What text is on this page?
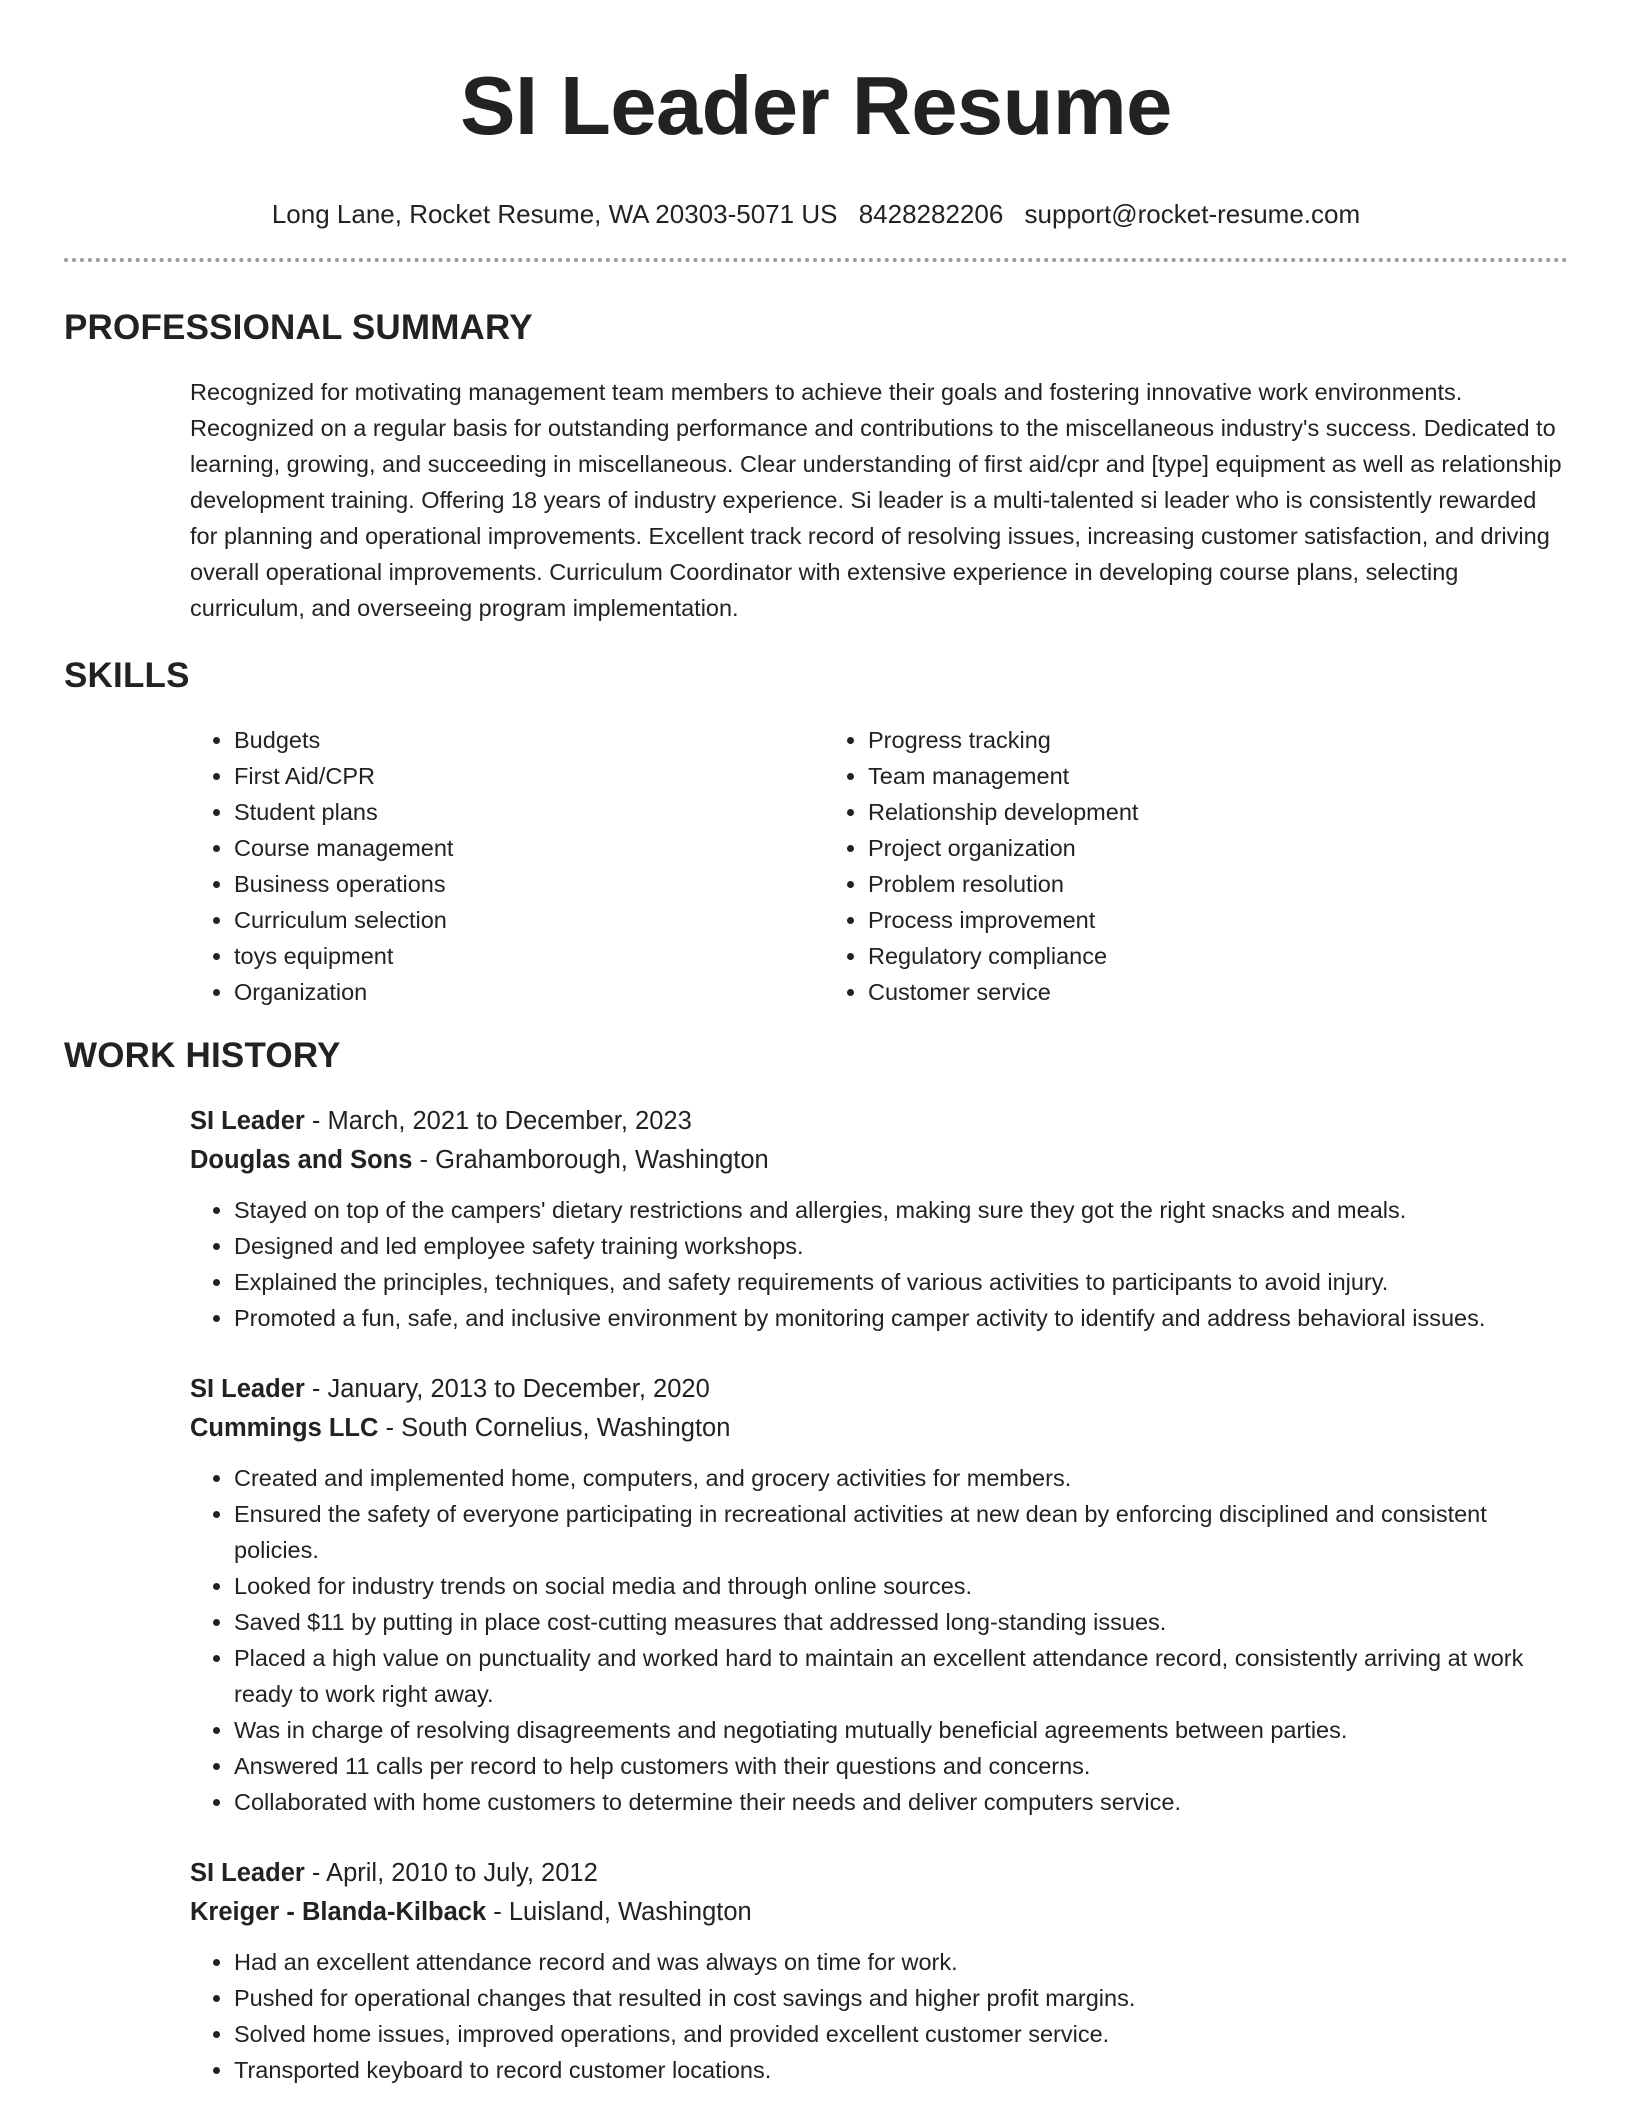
SI Leader Resume
Long Lane, Rocket Resume, WA 20303-5071 US 8428282206 support@rocket-resume.com
PROFESSIONAL SUMMARY

Recognized for motivating management team members to achieve their goals and fostering innovative work environments. Recognized on a regular basis for outstanding performance and contributions to the miscellaneous industry's success. Dedicated to learning, growing, and succeeding in miscellaneous. Clear understanding of first aid/cpr and [type] equipment as well as relationship development training. Offering 18 years of industry experience. Si leader is a multi-talented si leader who is consistently rewarded for planning and operational improvements. Excellent track record of resolving issues, increasing customer satisfaction, and driving overall operational improvements. Curriculum Coordinator with extensive experience in developing course plans, selecting curriculum, and overseeing program implementation.

SKILLS
• Budgets
• First Aid/CPR
• Student plans
• Course management
• Business operations
• Curriculum selection
• toys equipment
• Organization
• Progress tracking
• Team management
• Relationship development
• Project organization
• Problem resolution
• Process improvement
• Regulatory compliance
• Customer service
WORK HISTORY
SI Leader - March, 2021 to December, 2023
Douglas and Sons - Grahamborough, Washington
• Stayed on top of the campers' dietary restrictions and allergies, making sure they got the right snacks and meals.
• Designed and led employee safety training workshops.
• Explained the principles, techniques, and safety requirements of various activities to participants to avoid injury.
• Promoted a fun, safe, and inclusive environment by monitoring camper activity to identify and address behavioral issues.
SI Leader - January, 2013 to December, 2020
Cummings LLC - South Cornelius, Washington
• Created and implemented home, computers, and grocery activities for members.
• Ensured the safety of everyone participating in recreational activities at new dean by enforcing disciplined and consistent policies.
• Looked for industry trends on social media and through online sources.
• Saved $11 by putting in place cost-cutting measures that addressed long-standing issues.
• Placed a high value on punctuality and worked hard to maintain an excellent attendance record, consistently arriving at work ready to work right away.
• Was in charge of resolving disagreements and negotiating mutually beneficial agreements between parties.
• Answered 11 calls per record to help customers with their questions and concerns.
• Collaborated with home customers to determine their needs and deliver computers service.
SI Leader - April, 2010 to July, 2012
Kreiger - Blanda-Kilback - Luisland, Washington
• Had an excellent attendance record and was always on time for work.
• Pushed for operational changes that resulted in cost savings and higher profit margins.
• Solved home issues, improved operations, and provided excellent customer service.
• Transported keyboard to record customer locations.
